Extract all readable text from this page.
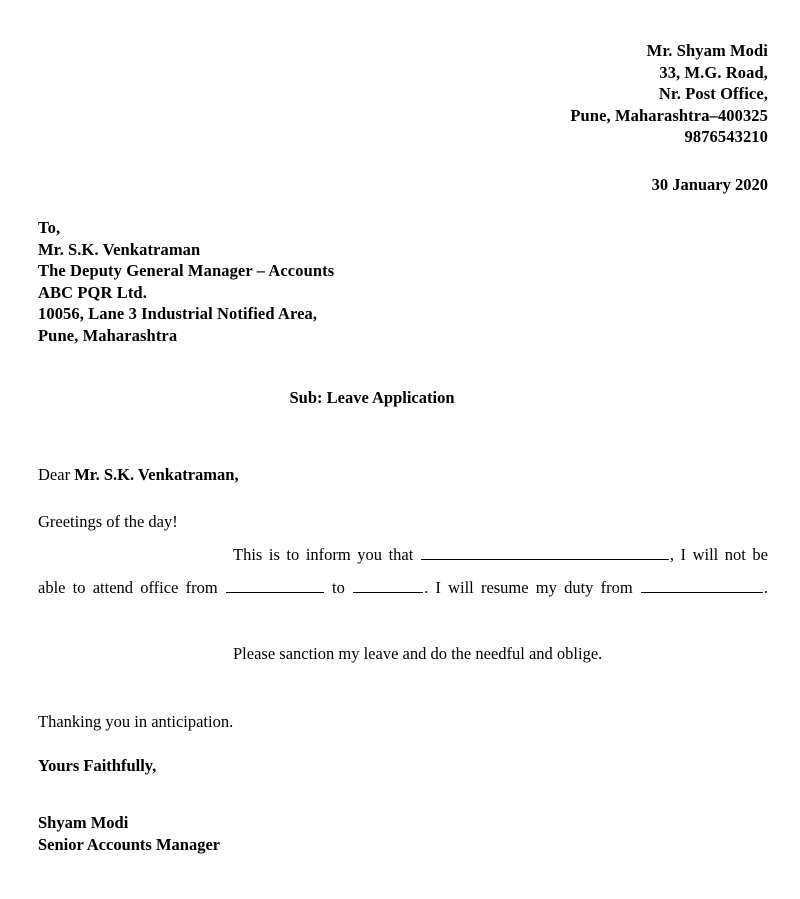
Mr. Shyam Modi
33, M.G. Road,
Nr. Post Office,
Pune, Maharashtra–400325
9876543210
30 January 2020
To,
Mr. S.K. Venkatraman
The Deputy General Manager – Accounts
ABC PQR Ltd.
10056, Lane 3 Industrial Notified Area,
Pune, Maharashtra
Sub: Leave Application
Dear Mr. S.K. Venkatraman,
Greetings of the day!
This is to inform you that	, I will not be able to attend office from	to	. I will resume my duty from	.
Please sanction my leave and do the needful and oblige.
Thanking you in anticipation.
Yours Faithfully,
Shyam Modi
Senior Accounts Manager
